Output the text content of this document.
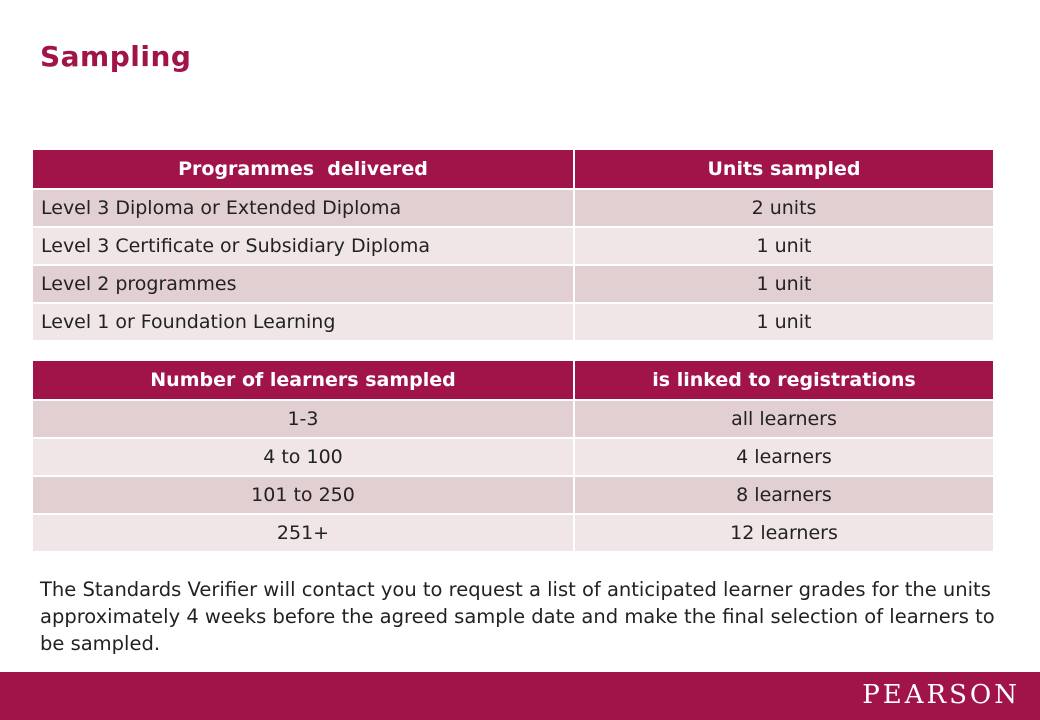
Sampling
Programmes  delivered	Units sampled
Level 3 Diploma or Extended Diploma	2 units
Level 3 Certificate or Subsidiary Diploma	1 unit
Level 2 programmes	1 unit
Level 1 or Foundation Learning	1 unit
Number of learners sampled	is linked to registrations
1-3	all learners
4 to 100	4 learners
101 to 250	8 learners
251+	12 learners
The Standards Verifier will contact you to request a list of anticipated learner grades for the units approximately 4 weeks before the agreed sample date and make the final selection of learners to be sampled.
PEARSON
